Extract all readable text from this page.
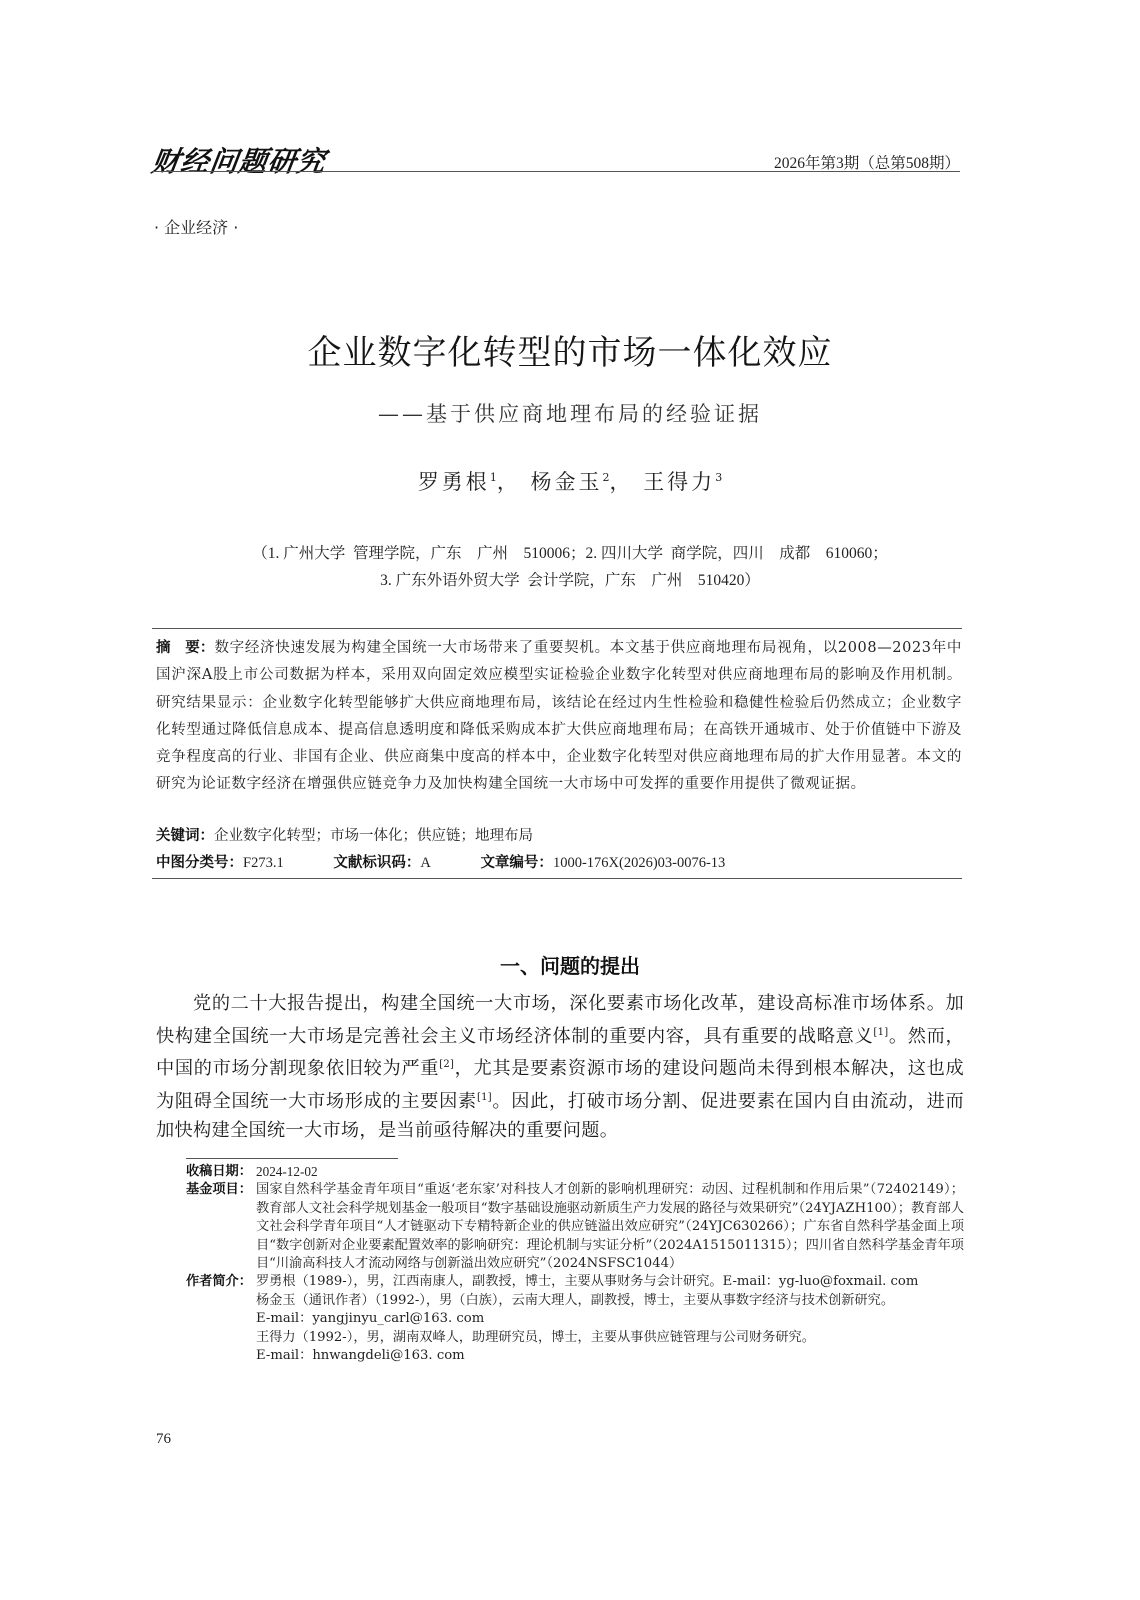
财经问题研究	2026年第3期（总第508期）
· 企业经济 ·
企业数字化转型的市场一体化效应
——基于供应商地理布局的经验证据
罗勇根$^1$， 杨金玉$^2$， 王得力$^3$
（1. 广州大学  管理学院，广东    广州    510006；2. 四川大学  商学院，四川    成都    610060；
3. 广东外语外贸大学  会计学院，广东    广州    510420）
摘　要：数字经济快速发展为构建全国统一大市场带来了重要契机。本文基于供应商地理布局视角，以2008—2023年中国沪深A股上市公司数据为样本，采用双向固定效应模型实证检验企业数字化转型对供应商地理布局的影响及作用机制。研究结果显示：企业数字化转型能够扩大供应商地理布局，该结论在经过内生性检验和稳健性检验后仍然成立；企业数字化转型通过降低信息成本、提高信息透明度和降低采购成本扩大供应商地理布局；在高铁开通城市、处于价值链中下游及竞争程度高的行业、非国有企业、供应商集中度高的样本中，企业数字化转型对供应商地理布局的扩大作用显著。本文的研究为论证数字经济在增强供应链竞争力及加快构建全国统一大市场中可发挥的重要作用提供了微观证据。
关键词：企业数字化转型；市场一体化；供应链；地理布局
中图分类号：F273.1	文献标识码：A	文章编号：1000-176X(2026)03-0076-13
一、问题的提出
党的二十大报告提出，构建全国统一大市场，深化要素市场化改革，建设高标准市场体系。加快构建全国统一大市场是完善社会主义市场经济体制的重要内容，具有重要的战略意义[1]。然而，中国的市场分割现象依旧较为严重[2]，尤其是要素资源市场的建设问题尚未得到根本解决，这也成为阻碍全国统一大市场形成的主要因素[1]。因此，打破市场分割、促进要素在国内自由流动，进而加快构建全国统一大市场，是当前亟待解决的重要问题。
收稿日期： 2024-12-02
基金项目： 国家自然科学基金青年项目“重返‘老东家’对科技人才创新的影响机理研究：动因、过程机制和作用后果”（72402149）；教育部人文社会科学规划基金一般项目“数字基础设施驱动新质生产力发展的路径与效果研究”（24YJAZH100）；教育部人文社会科学青年项目“人才链驱动下专精特新企业的供应链溢出效应研究”（24YJC630266）；广东省自然科学基金面上项目“数字创新对企业要素配置效率的影响研究：理论机制与实证分析”（2024A1515011315）；四川省自然科学基金青年项目“川渝高科技人才流动网络与创新溢出效应研究”（2024NSFSC1044）
作者简介： 罗勇根（1989-），男，江西南康人，副教授，博士，主要从事财务与会计研究。E-mail：yg-luo@foxmail. com
杨金玉（通讯作者）（1992-），男（白族），云南大理人，副教授，博士，主要从事数字经济与技术创新研究。
E-mail：yangjinyu_carl@163. com
王得力（1992-），男，湖南双峰人，助理研究员，博士，主要从事供应链管理与公司财务研究。
E-mail：hnwangdeli@163. com
76
